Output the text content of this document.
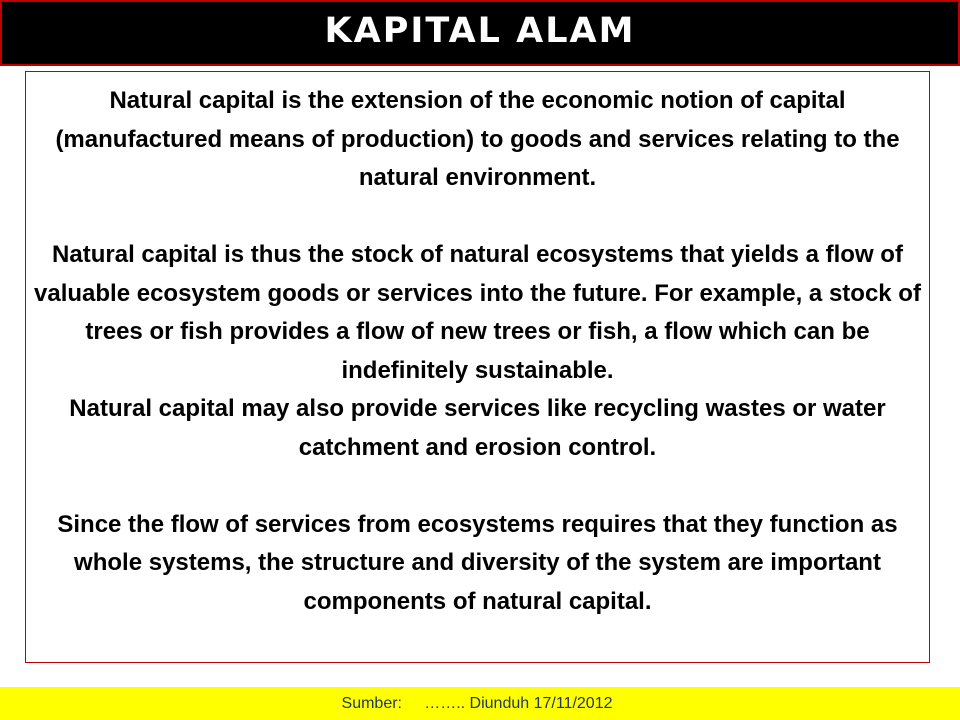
KAPITAL ALAM

Natural capital is the extension of the economic notion of capital (manufactured means of production) to goods and services relating to the natural environment.

Natural capital is thus the stock of natural ecosystems that yields a flow of valuable ecosystem goods or services into the future. For example, a stock of trees or fish provides a flow of new trees or fish, a flow which can be indefinitely sustainable.

Natural capital may also provide services like recycling wastes or water catchment and erosion control.

Since the flow of services from ecosystems requires that they function as whole systems, the structure and diversity of the system are important components of natural capital.

Sumber:     …….. Diunduh 17/11/2012
